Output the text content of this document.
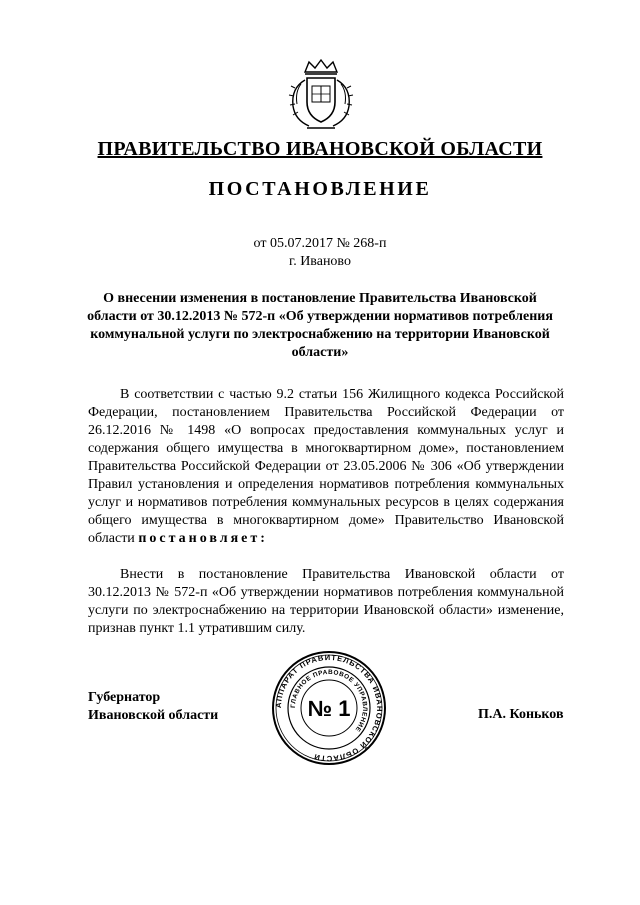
ПРАВИТЕЛЬСТВО ИВАНОВСКОЙ ОБЛАСТИ
ПОСТАНОВЛЕНИЕ
от 05.07.2017 № 268-п
г. Иваново
О внесении изменения в постановление Правительства Ивановской области от 30.12.2013 № 572-п «Об утверждении нормативов потребления коммунальной услуги по электроснабжению на территории Ивановской области»
В соответствии с частью 9.2 статьи 156 Жилищного кодекса Российской Федерации, постановлением Правительства Российской Федерации от 26.12.2016 № 1498 «О вопросах предоставления коммунальных услуг и содержания общего имущества в многоквартирном доме», постановлением Правительства Российской Федерации от 23.05.2006 № 306 «Об утверждении Правил установления и определения нормативов потребления коммунальных услуг и нормативов потребления коммунальных ресурсов в целях содержания общего имущества в многоквартирном доме» Правительство Ивановской области постановляет:
Внести в постановление Правительства Ивановской области от 30.12.2013 № 572-п «Об утверждении нормативов потребления коммунальной услуги по электроснабжению на территории Ивановской области» изменение, признав пункт 1.1 утратившим силу.
Губернатор
Ивановской области
АППАРАТ ПРАВИТЕЛЬСТВА ИВАНОВСКОЙ ОБЛАСТИ
ГЛАВНОЕ ПРАВОВОЕ УПРАВЛЕНИЕ
№ 1	П.А. Коньков
